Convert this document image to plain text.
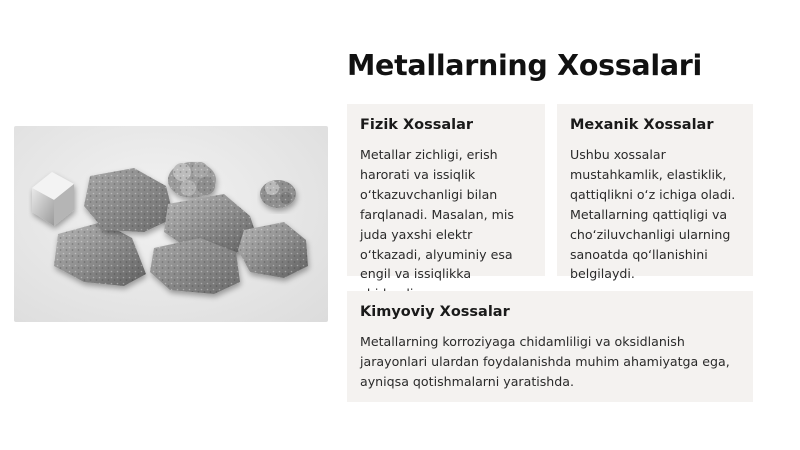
Metallarning Xossalari
Fizik Xossalar

Metallar zichligi, erish harorati va issiqlik o‘tkazuvchanligi bilan farqlanadi. Masalan, mis juda yaxshi elektr o‘tkazadi, alyuminiy esa engil va issiqlikka

Mexanik Xossalar

Ushbu xossalar mustahkamlik, elastiklik, qattiqlikni o‘z ichiga oladi. Metallarning qattiqligi va cho‘ziluvchanligi ularning sanoatda qo‘llanishini belgilaydi.

Kimyoviy Xossalar

Metallarning korroziyaga chidamliligi va oksidlanish jarayonlari ulardan foydalanishda muhim ahamiyatga ega, ayniqsa qotishmalarni yaratishda.
